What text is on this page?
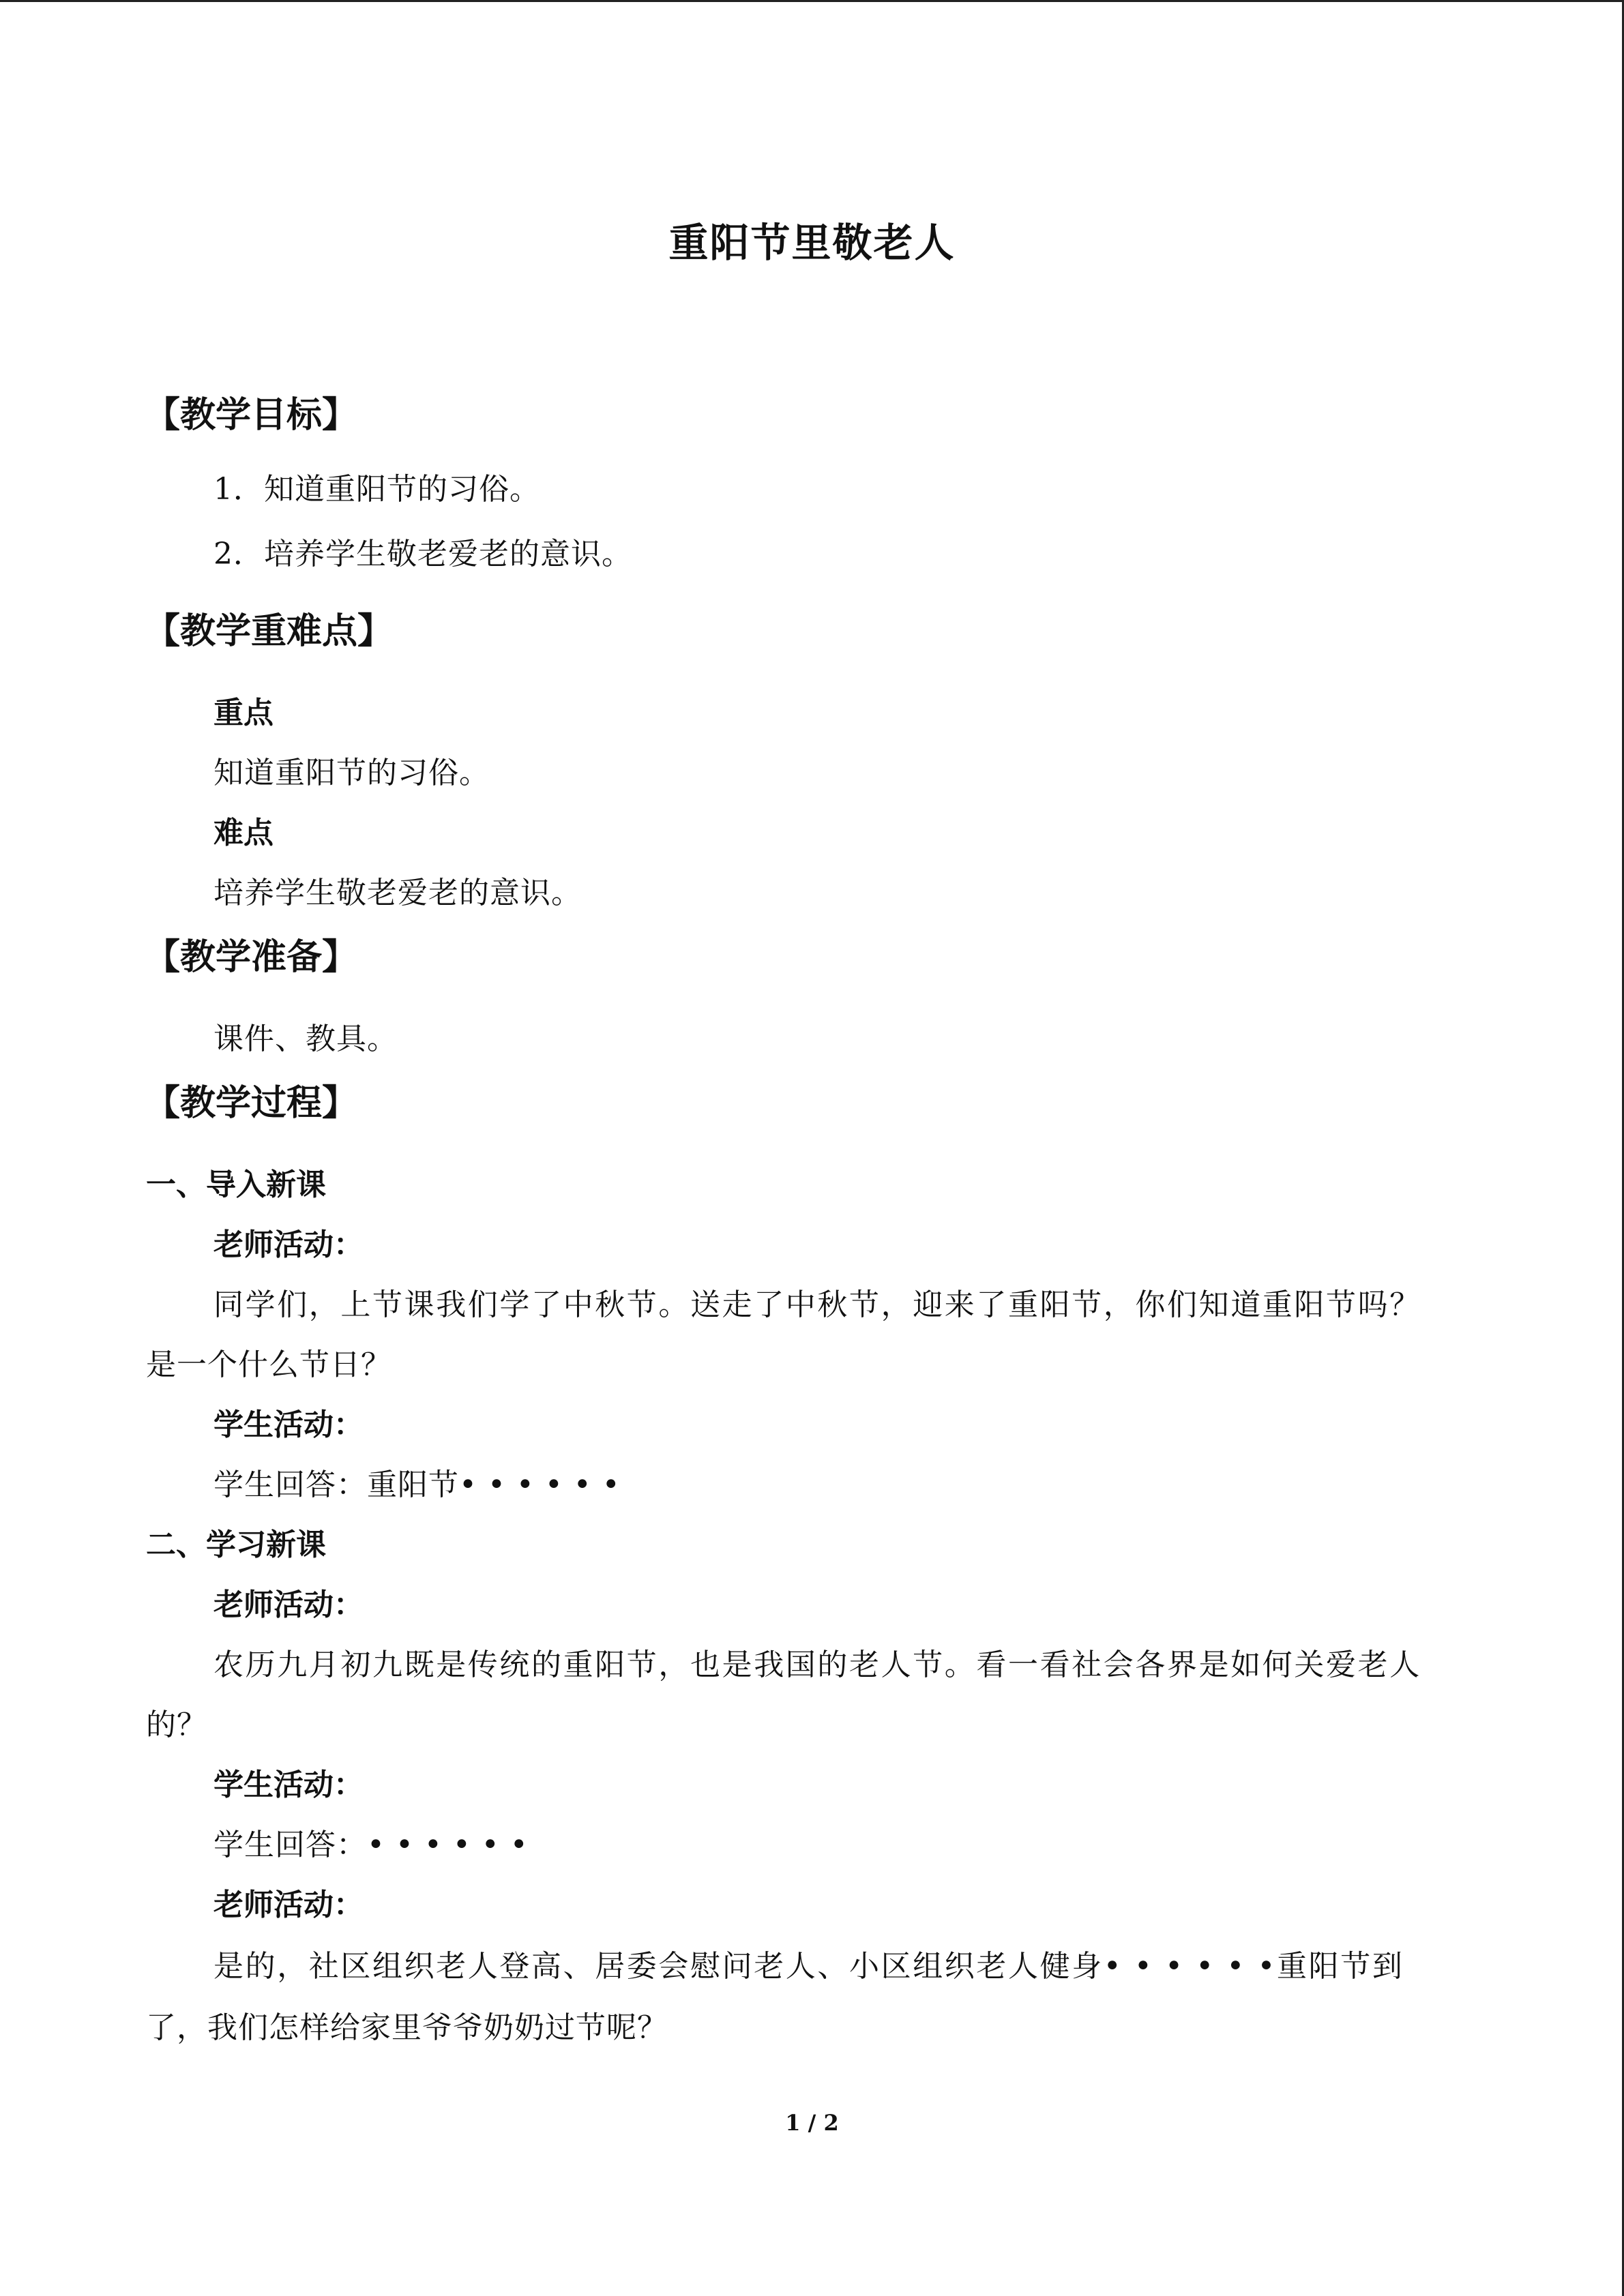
重阳节里敬老人
【教学目标】
1．知道重阳节的习俗。
2．培养学生敬老爱老的意识。
【教学重难点】
重点
知道重阳节的习俗。
难点
培养学生敬老爱老的意识。
【教学准备】
课件、教具。
【教学过程】
一、导入新课
老师活动：
同学们，上节课我们学了中秋节。送走了中秋节，迎来了重阳节，你们知道重阳节吗？
是一个什么节日？
学生活动：
学生回答：重阳节• • • • • •
二、学习新课
老师活动：
农历九月初九既是传统的重阳节，也是我国的老人节。看一看社会各界是如何关爱老人
的？
学生活动：
学生回答：• • • • • •
老师活动：
是的，社区组织老人登高、居委会慰问老人、小区组织老人健身• • • • • •重阳节到
了，我们怎样给家里爷爷奶奶过节呢？
1 / 2
